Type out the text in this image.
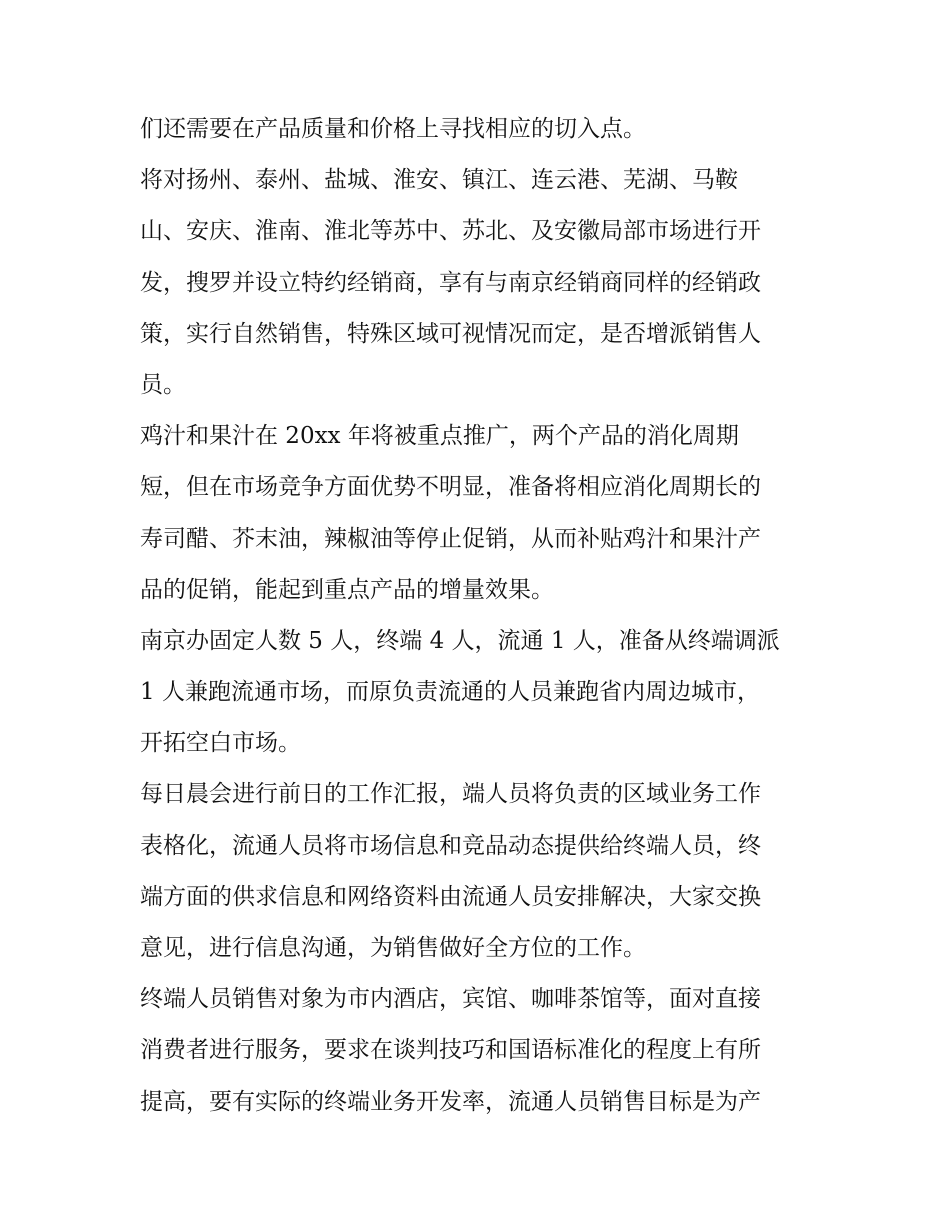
们还需要在产品质量和价格上寻找相应的切入点。
将对扬州、泰州、盐城、淮安、镇江、连云港、芜湖、马鞍
山、安庆、淮南、淮北等苏中、苏北、及安徽局部市场进行开
发，搜罗并设立特约经销商，享有与南京经销商同样的经销政
策，实行自然销售，特殊区域可视情况而定，是否增派销售人
员。
鸡汁和果汁在 20xx 年将被重点推广，两个产品的消化周期
短，但在市场竞争方面优势不明显，准备将相应消化周期长的
寿司醋、芥末油，辣椒油等停止促销，从而补贴鸡汁和果汁产
品的促销，能起到重点产品的增量效果。
南京办固定人数 5 人，终端 4 人，流通 1 人，准备从终端调派
1 人兼跑流通市场，而原负责流通的人员兼跑省内周边城市，
开拓空白市场。
每日晨会进行前日的工作汇报，端人员将负责的区域业务工作
表格化，流通人员将市场信息和竞品动态提供给终端人员，终
端方面的供求信息和网络资料由流通人员安排解决，大家交换
意见，进行信息沟通，为销售做好全方位的工作。
终端人员销售对象为市内酒店，宾馆、咖啡茶馆等，面对直接
消费者进行服务，要求在谈判技巧和国语标准化的程度上有所
提高，要有实际的终端业务开发率，流通人员销售目标是为产
